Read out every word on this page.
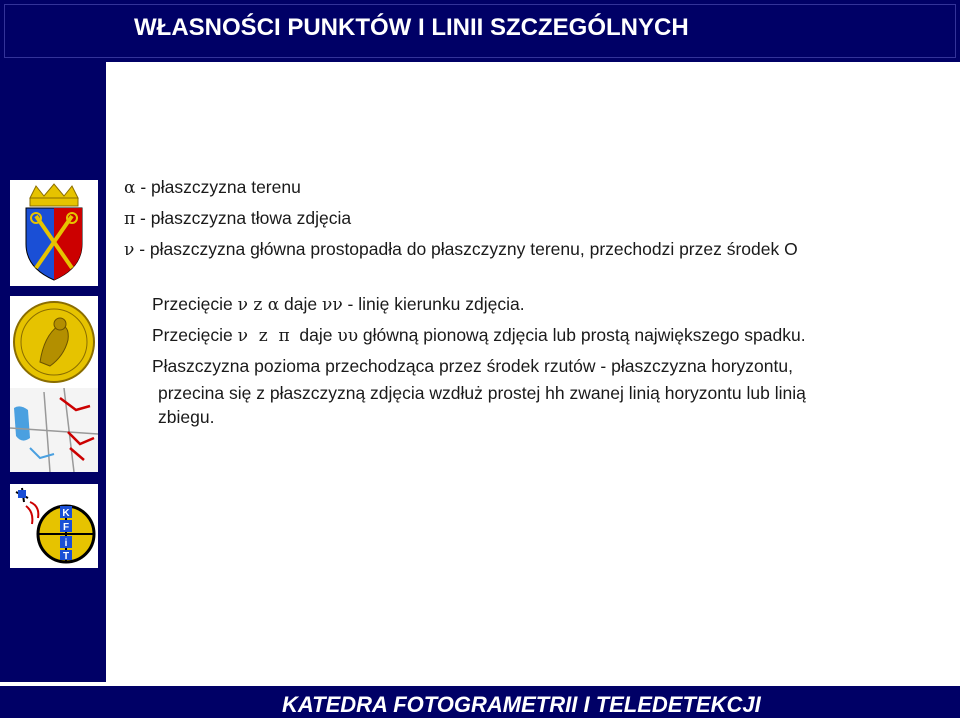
WŁASNOŚCI PUNKTÓW I LINII SZCZEGÓLNYCH
K
F
i
T
α - płaszczyzna terenu
π - płaszczyzna tłowa zdjęcia
ν - płaszczyzna główna prostopadła do płaszczyzny terenu, przechodzi przez środek O
Przecięcie ν z α daje νν - linię kierunku zdjęcia.
Przecięcie ν  z  π  daje υυ główną pionową zdjęcia lub prostą największego spadku.
Płaszczyzna pozioma przechodząca przez środek rzutów - płaszczyzna horyzontu,
przecina się z płaszczyzną zdjęcia wzdłuż prostej hh zwanej linią horyzontu lub linią
zbiegu.
KATEDRA FOTOGRAMETRII I TELEDETEKCJI
